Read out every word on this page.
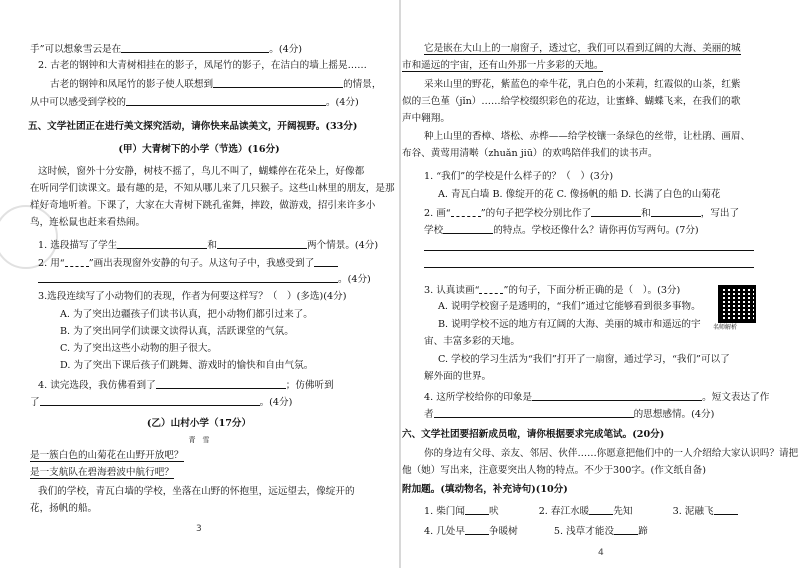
手”可以想象雪云是在	。(4分)
2. 古老的钢钟和大青树相挂在的影子，凤尾竹的影子，在洁白的墙上摇晃……
古老的钢钟和凤尾竹的影子使人联想到	的情景，
从中可以感受到学校的	。(4分)
五、文学社团正在进行美文探究活动，请你快来品读美文，开阔视野。(33分)
(甲）大青树下的小学（节选）(16分)
这时候，窗外十分安静，树枝不摇了，鸟儿不叫了，蝴蝶停在花朵上，好像都
在听同学们读课文。最有趣的是，不知从哪儿来了几只猴子。这些山林里的朋友，是那
样好奇地听着。下课了，大家在大青树下跳孔雀舞，摔跤，做游戏，招引来许多小
鸟，连松鼠也赶来看热闹。
1. 选段描写了学生	和	两个情景。(4分)
2. 用“	”画出表现窗外安静的句子。从这句子中，我感受到了
。(4分)
3.选段连续写了小动物们的表现，作者为何要这样写？（　）(多选)(4分)
A. 为了突出边疆孩子们读书认真，把小动物们都引过来了。
B. 为了突出同学们读课文读得认真，活跃课堂的气氛。
C. 为了突出这些小动物的胆子很大。
D. 为了突出下课后孩子们跳舞、游戏时的愉快和自由气氛。
4. 读完选段，我仿佛看到了	；仿佛听到
了	。(4分)
(乙）山村小学（17分）
青　雪
是一簇白色的山菊花在山野开放吧？
是一支航队在碧海碧波中航行吧？
我们的学校，青瓦白墙的学校，坐落在山野的怀抱里，远远望去，像绽开的
花，扬帆的船。
3
它是嵌在大山上的一扇窗子，透过它，我们可以看到辽阔的大海、美丽的城
市和遥远的宇宙，还有山外那一片多彩的天地。
采来山里的野花，紫蓝色的牵牛花，乳白色的小茉莉，红霞似的山茶，红紫
似的三色堇（jǐn）……给学校缀织彩色的花边，让蜜蜂、蝴蝶飞来，在我们的歌
声中翱翔。
种上山里的香樟、塔松、赤桦——给学校镶一条绿色的丝带，让杜鹃、画眉、
布谷、黄莺用清啭（zhuǎn jiū）的欢鸣陪伴我们的读书声。
1. “我们”的学校是什么样子的？（　）(3分)
A. 青瓦白墙 B. 像绽开的花 C. 像扬帆的船 D. 长满了白色的山菊花
2. 画“	”的句子把学校分别比作了	和	，写出了
学校	的特点。学校还像什么？请你再仿写两句。(7分)
3. 认真读画“	”的句子，下面分析正确的是（　）。(3分)
名师解析
A. 说明学校窗子是透明的，“我们”通过它能够看到很多事物。
B. 说明学校不远的地方有辽阔的大海、美丽的城市和遥远的宇
宙、丰富多彩的天地。
C. 学校的学习生活为“我们”打开了一扇窗，通过学习，“我们”可以了
解外面的世界。
4. 这所学校给你的印象是	。短文表达了作
者	的思想感情。(4分)
六、文学社团要招新成员啦，请你根据要求完成笔试。(20分)
你的身边有父母、亲友、邻居、伙伴……你愿意把他们中的一人介绍给大家认识吗？请把
他（她）写出来，注意要突出人物的特点。不少于300字。(作文纸自备)
附加题。(填动物名，补充诗句)(10分)
1. 柴门闻	吠	2. 春江水暖	先知	3. 泥融飞
4. 几处早	争暖树	5. 浅草才能没	蹄
4
